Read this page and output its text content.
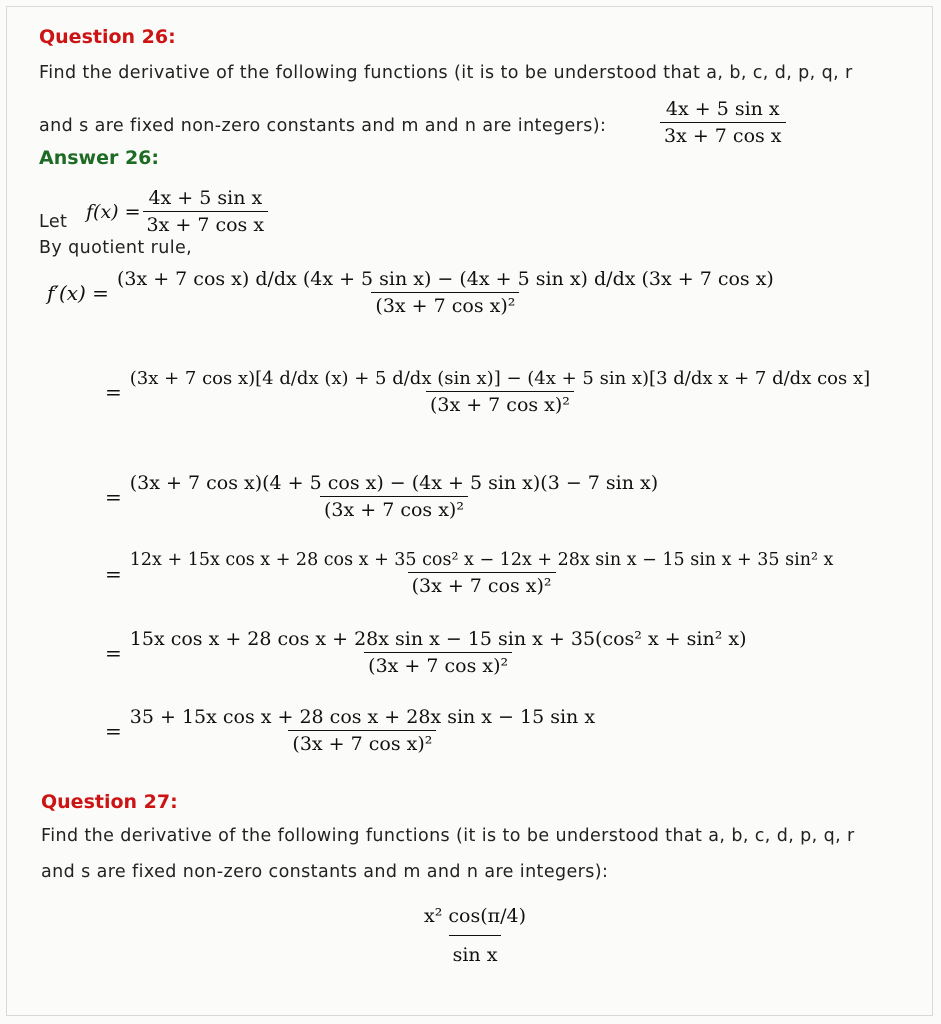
Question 26:
Find the derivative of the following functions (it is to be understood that a, b, c, d, p, q, r
and s are fixed non-zero constants and m and n are integers):	$\frac{\text{4x + 5 sin x}}{\text{3x + 7 cos x}}$
Answer 26:
Let $f(x) = \frac{\text{4x + 5 sin x}}{\text{3x + 7 cos x}}$
By quotient rule,
f′(x) =
(3x + 7 cos x) d/dx (4x + 5 sin x) − (4x + 5 sin x) d/dx (3x + 7 cos x)
(3x + 7 cos x)²
=
(3x + 7 cos x)[4 d/dx (x) + 5 d/dx (sin x)] − (4x + 5 sin x)[3 d/dx x + 7 d/dx cos x]
(3x + 7 cos x)²
= $\frac{\text{(3x + 7 cos x)(4 + 5 cos x) − (4x + 5 sin x)(3 − 7 sin x)}}{\text{(3x + 7 cos x)²}}$
=
12x + 15x cos x + 28 cos x + 35 cos² x − 12x + 28x sin x − 15 sin x + 35 sin² x
(3x + 7 cos x)²
=
15x cos x + 28 cos x + 28x sin x − 15 sin x + 35(cos² x + sin² x)
(3x + 7 cos x)²
= $\frac{\text{35 + 15x cos x + 28 cos x + 28x sin x − 15 sin x}}{\text{(3x + 7 cos x)²}}$
Question 27:
Find the derivative of the following functions (it is to be understood that a, b, c, d, p, q, r
and s are fixed non-zero constants and m and n are integers):
$\frac{\text{x² cos(π/4)}}{\text{sin x}}$
